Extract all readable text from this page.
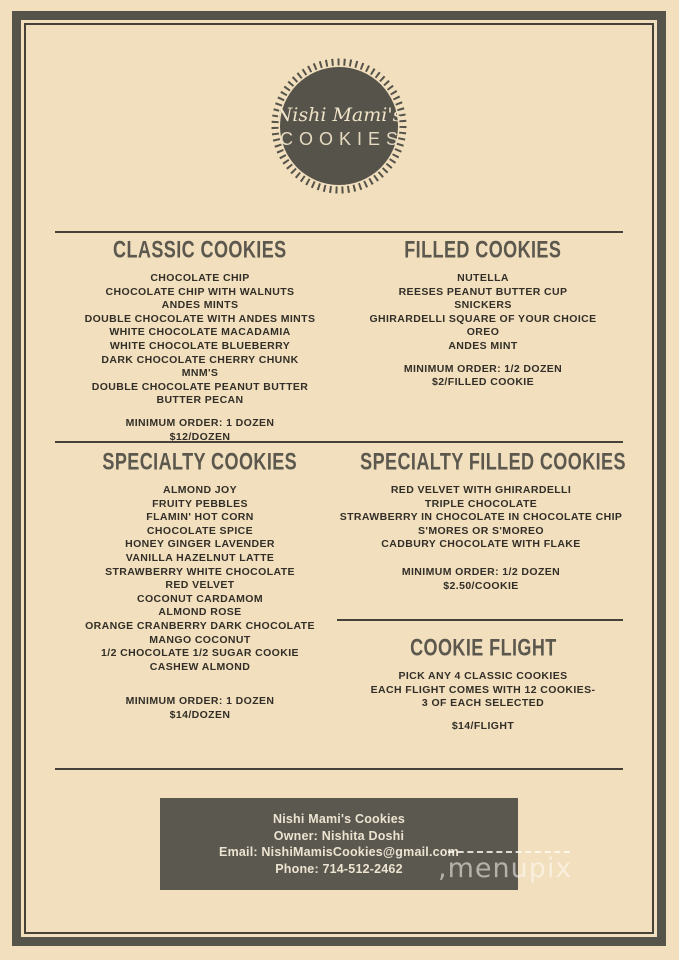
Nishi Mami's
COOKIES
CLASSIC COOKIES
CHOCOLATE CHIP
CHOCOLATE CHIP WITH WALNUTS
ANDES MINTS
DOUBLE CHOCOLATE WITH ANDES MINTS
WHITE CHOCOLATE MACADAMIA
WHITE CHOCOLATE BLUEBERRY
DARK CHOCOLATE CHERRY CHUNK
MNM'S
DOUBLE CHOCOLATE PEANUT BUTTER
BUTTER PECAN
MINIMUM ORDER: 1 DOZEN
$12/DOZEN
FILLED COOKIES
NUTELLA
REESES PEANUT BUTTER CUP
SNICKERS
GHIRARDELLI SQUARE OF YOUR CHOICE
OREO
ANDES MINT
MINIMUM ORDER: 1/2 DOZEN
$2/FILLED COOKIE
SPECIALTY COOKIES
ALMOND JOY
FRUITY PEBBLES
FLAMIN' HOT CORN
CHOCOLATE SPICE
HONEY GINGER LAVENDER
VANILLA HAZELNUT LATTE
STRAWBERRY WHITE CHOCOLATE
RED VELVET
COCONUT CARDAMOM
ALMOND ROSE
ORANGE CRANBERRY DARK CHOCOLATE
MANGO COCONUT
1/2 CHOCOLATE 1/2 SUGAR COOKIE
CASHEW ALMOND
MINIMUM ORDER: 1 DOZEN
$14/DOZEN
SPECIALTY FILLED COOKIES
RED VELVET WITH GHIRARDELLI
TRIPLE CHOCOLATE
STRAWBERRY IN CHOCOLATE IN CHOCOLATE CHIP
S'MORES OR S'MOREO
CADBURY CHOCOLATE WITH FLAKE
MINIMUM ORDER: 1/2 DOZEN
$2.50/COOKIE
COOKIE FLIGHT
PICK ANY 4 CLASSIC COOKIES
EACH FLIGHT COMES WITH 12 COOKIES-
3 OF EACH SELECTED
$14/FLIGHT
Nishi Mami's Cookies
Owner: Nishita Doshi
Email: NishiMamisCookies@gmail.com
Phone: 714-512-2462	,menupix
